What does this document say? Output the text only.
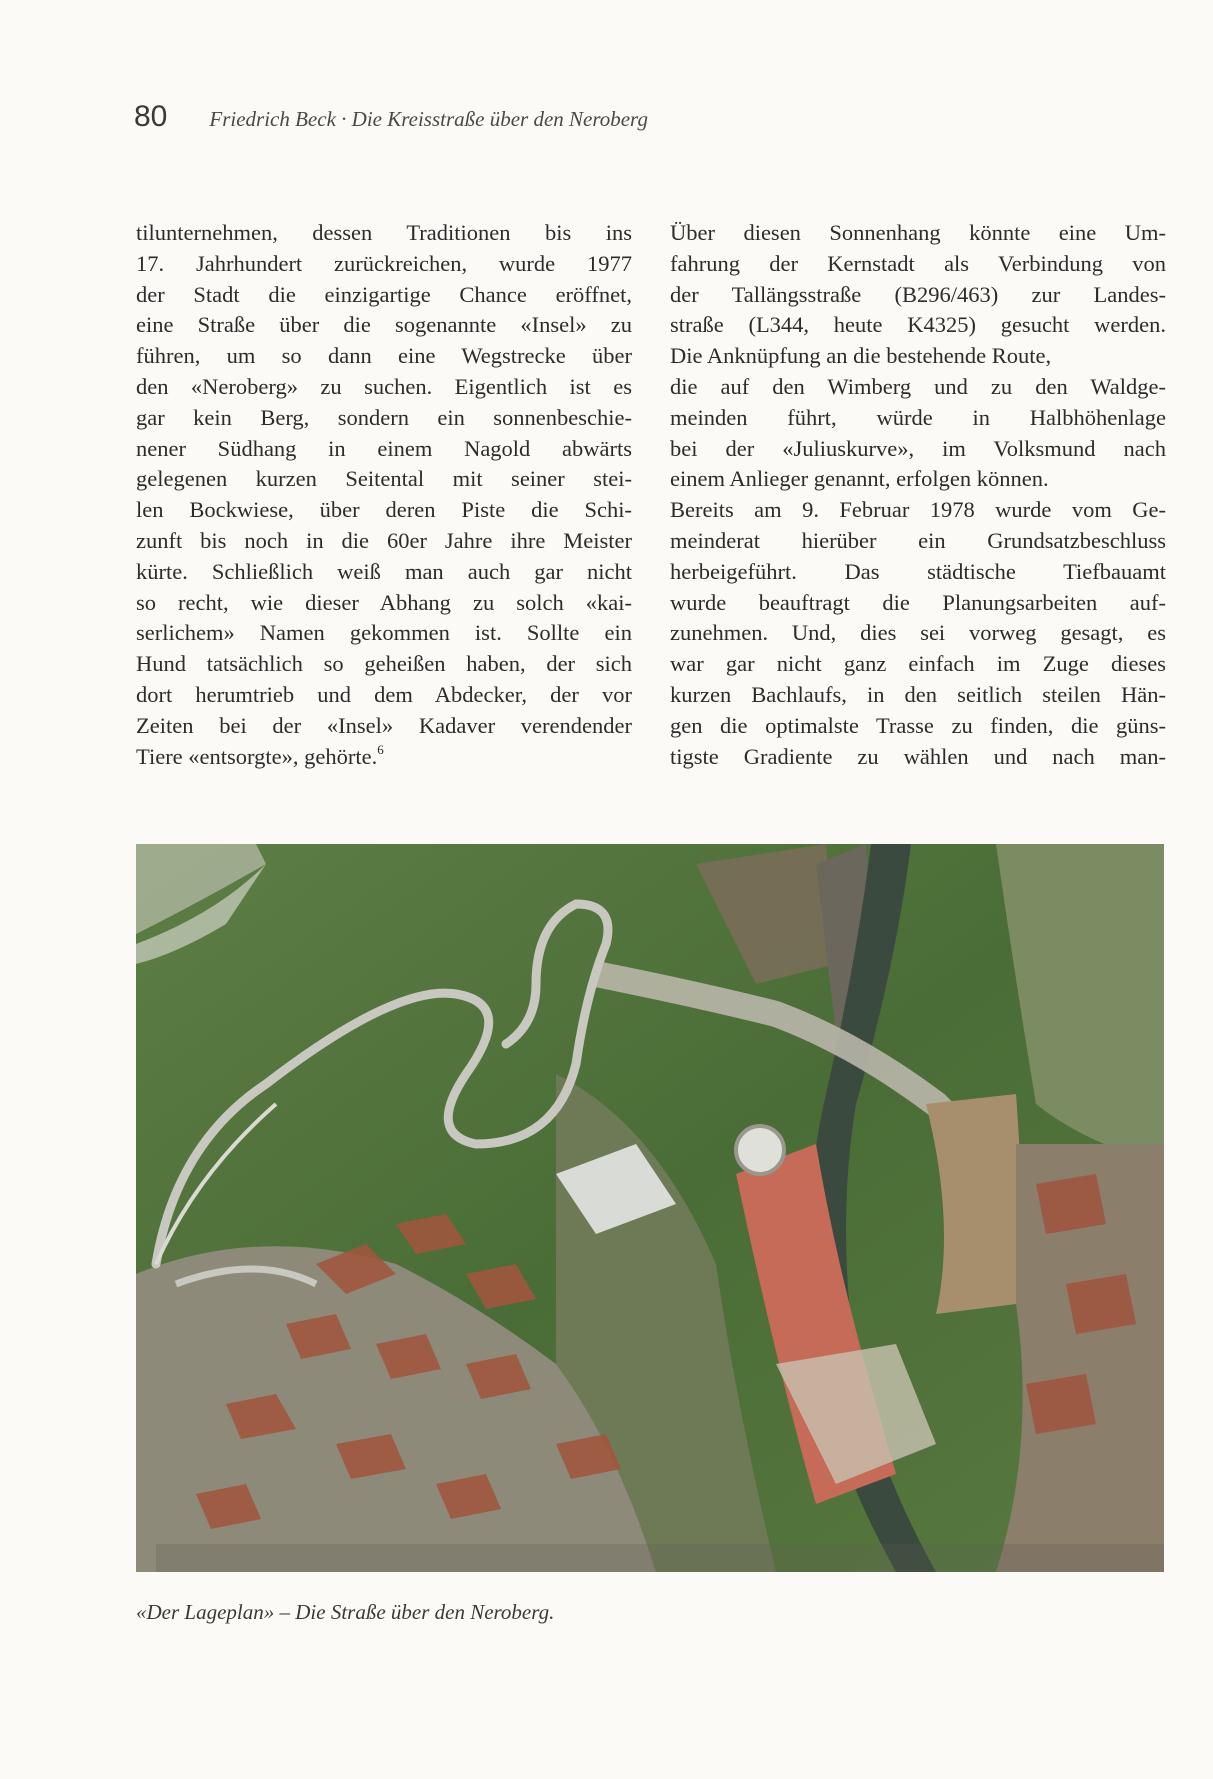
80 Friedrich Beck · Die Kreisstraße über den Neroberg
tilunternehmen, dessen Traditionen bis ins
17. Jahrhundert zurückreichen, wurde 1977
der Stadt die einzigartige Chance eröffnet,
eine Straße über die sogenannte «Insel» zu
führen, um so dann eine Wegstrecke über
den «Neroberg» zu suchen. Eigentlich ist es
gar kein Berg, sondern ein sonnenbeschie-
nener Südhang in einem Nagold abwärts
gelegenen kurzen Seitental mit seiner stei-
len Bockwiese, über deren Piste die Schi-
zunft bis noch in die 60er Jahre ihre Meister
kürte. Schließlich weiß man auch gar nicht
so recht, wie dieser Abhang zu solch «kai-
serlichem» Namen gekommen ist. Sollte ein
Hund tatsächlich so geheißen haben, der sich
dort herumtrieb und dem Abdecker, der vor
Zeiten bei der «Insel» Kadaver verendender
Tiere «entsorgte», gehörte.$^6$
Über diesen Sonnenhang könnte eine Um-
fahrung der Kernstadt als Verbindung von
der Tallängsstraße (B296/463) zur Landes-
straße (L344, heute K4325) gesucht werden.
Die Anknüpfung an die bestehende Route,
die auf den Wimberg und zu den Waldge-
meinden führt, würde in Halbhöhenlage
bei der «Juliuskurve», im Volksmund nach
einem Anlieger genannt, erfolgen können.
Bereits am 9. Februar 1978 wurde vom Ge-
meinderat hierüber ein Grundsatzbeschluss
herbeigeführt. Das städtische Tiefbauamt
wurde beauftragt die Planungsarbeiten auf-
zunehmen. Und, dies sei vorweg gesagt, es
war gar nicht ganz einfach im Zuge dieses
kurzen Bachlaufs, in den seitlich steilen Hän-
gen die optimalste Trasse zu finden, die güns-
tigste Gradiente zu wählen und nach man-
«Der Lageplan» – Die Straße über den Neroberg.
